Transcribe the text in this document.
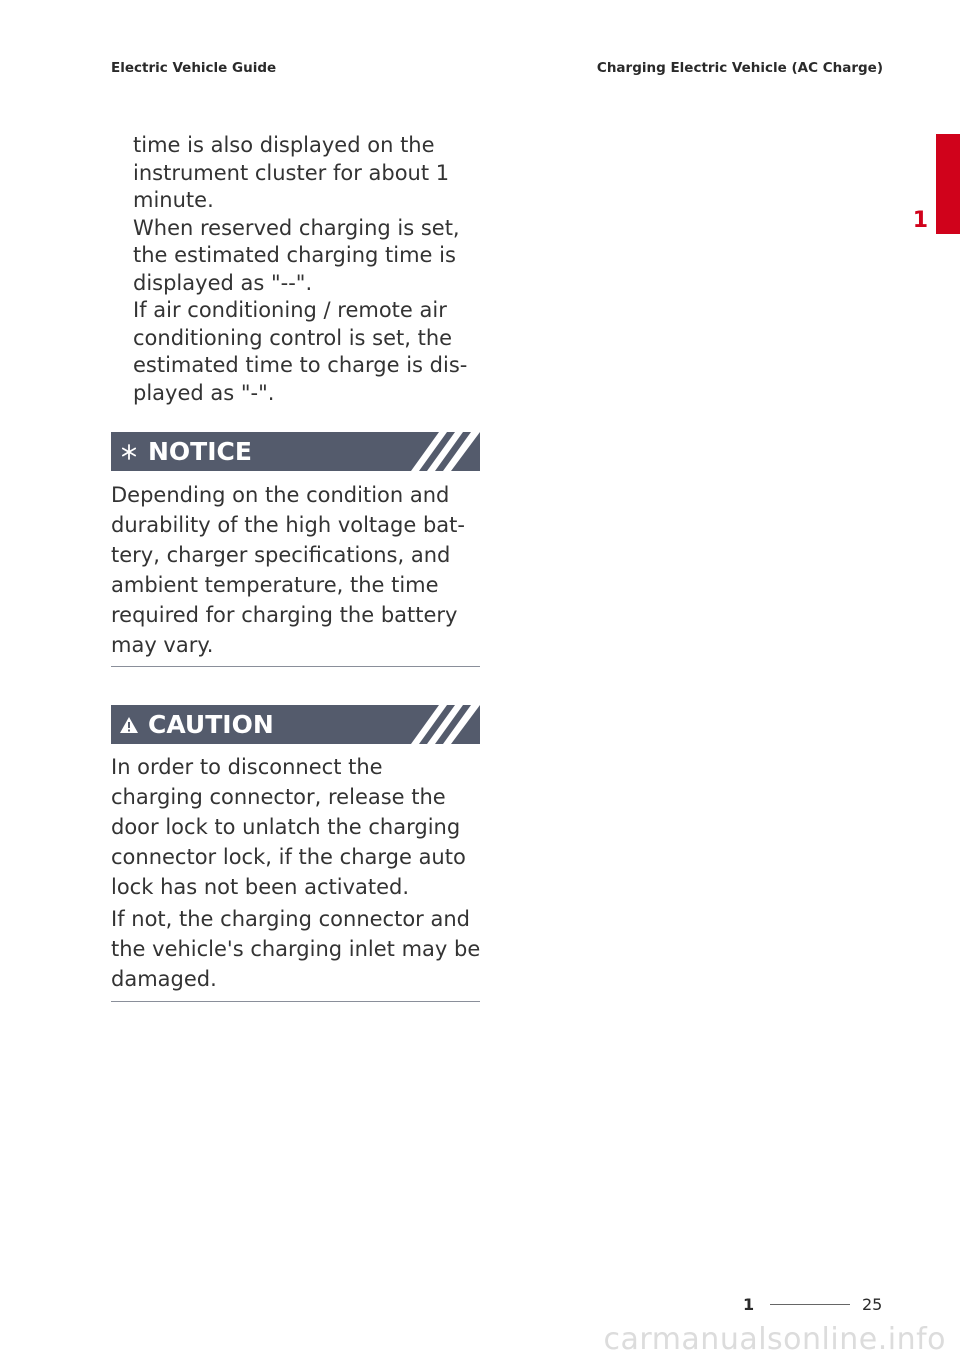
Electric Vehicle Guide	Charging Electric Vehicle (AC Charge)
1

time is also displayed on the instrument cluster for about 1 minute.

When reserved charging is set, the estimated charging time is displayed as "--".

If air conditioning / remote air conditioning control is set, the estimated time to charge is dis-played as "-".

NOTICE

Depending on the condition and durability of the high voltage bat-tery, charger specifications, and ambient temperature, the time required for charging the battery may vary.

CAUTION

In order to disconnect the charging connector, release the door lock to unlatch the charging connector lock, if the charge auto lock has not been activated.

If not, the charging connector and the vehicle's charging inlet may be damaged.

1	25
carmanualsonline.info
